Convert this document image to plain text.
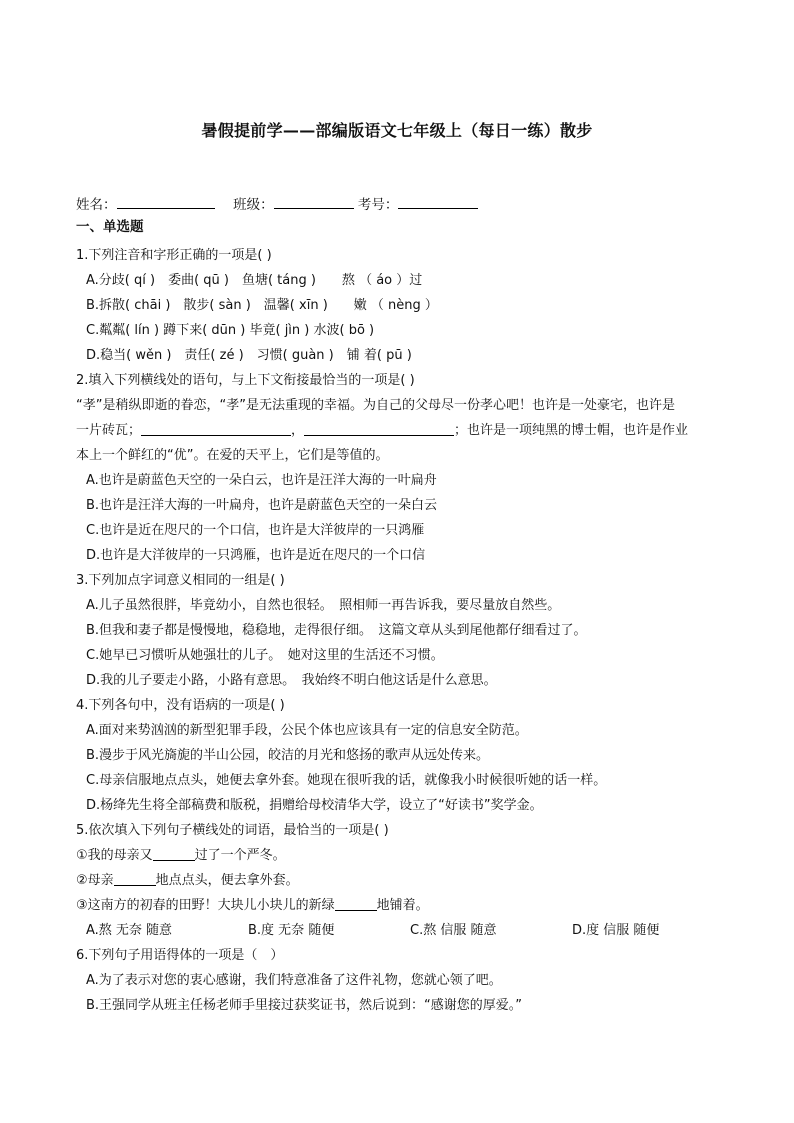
暑假提前学——部编版语文七年级上（每日一练）散步
姓名：	班级：	考号：
一、单选题
1.下列注音和字形正确的一项是( )
A.分歧( qí )　委曲( qū )　鱼塘( táng )　　熬 （ áo ）过
B.拆散( chāi )　散步( sàn )　温馨( xīn )　　嫩 （ nèng ）
C.粼粼( lín ) 蹲下来( dūn ) 毕竟( jìn ) 水波( bō )
D.稳当( wěn )　责任( zé )　习惯( guàn )　铺 着( pū )
2.填入下列横线处的语句，与上下文衔接最恰当的一项是( )
“孝”是稍纵即逝的眷恋，“孝”是无法重现的幸福。为自己的父母尽一份孝心吧！也许是一处豪宅，也许是
一片砖瓦；	，	；也许是一项纯黑的博士帽，也许是作业
本上一个鲜红的“优”。在爱的天平上，它们是等值的。
A.也许是蔚蓝色天空的一朵白云，也许是汪洋大海的一叶扁舟
B.也许是汪洋大海的一叶扁舟，也许是蔚蓝色天空的一朵白云
C.也许是近在咫尺的一个口信，也许是大洋彼岸的一只鸿雁
D.也许是大洋彼岸的一只鸿雁，也许是近在咫尺的一个口信
3.下列加点字词意义相同的一组是( )
A.儿子虽然很胖，毕竟幼小，自然也很轻。　照相师一再告诉我，要尽量放自然些。
B.但我和妻子都是慢慢地，稳稳地，走得很仔细。　这篇文章从头到尾他都仔细看过了。
C.她早已习惯听从她强壮的儿子。　她对这里的生活还不习惯。
D.我的儿子要走小路，小路有意思。　我始终不明白他这话是什么意思。
4.下列各句中，没有语病的一项是( )
A.面对来势汹汹的新型犯罪手段，公民个体也应该具有一定的信息安全防范。
B.漫步于风光旖旎的半山公园，皎洁的月光和悠扬的歌声从远处传来。
C.母亲信服地点点头，她便去拿外套。她现在很听我的话，就像我小时候很听她的话一样。
D.杨绛先生将全部稿费和版税，捐赠给母校清华大学，设立了“好读书”奖学金。
5.依次填入下列句子横线处的词语，最恰当的一项是( )
①我的母亲又	过了一个严冬。
②母亲	地点点头，便去拿外套。
③这南方的初春的田野！大块儿小块儿的新绿	地铺着。
A.熬 无奈 随意	B.度 无奈 随便	C.熬 信服 随意	D.度 信服 随便
6.下列句子用语得体的一项是（　）
A.为了表示对您的衷心感谢，我们特意准备了这件礼物，您就心领了吧。
B.王强同学从班主任杨老师手里接过获奖证书，然后说到：“感谢您的厚爱。”
